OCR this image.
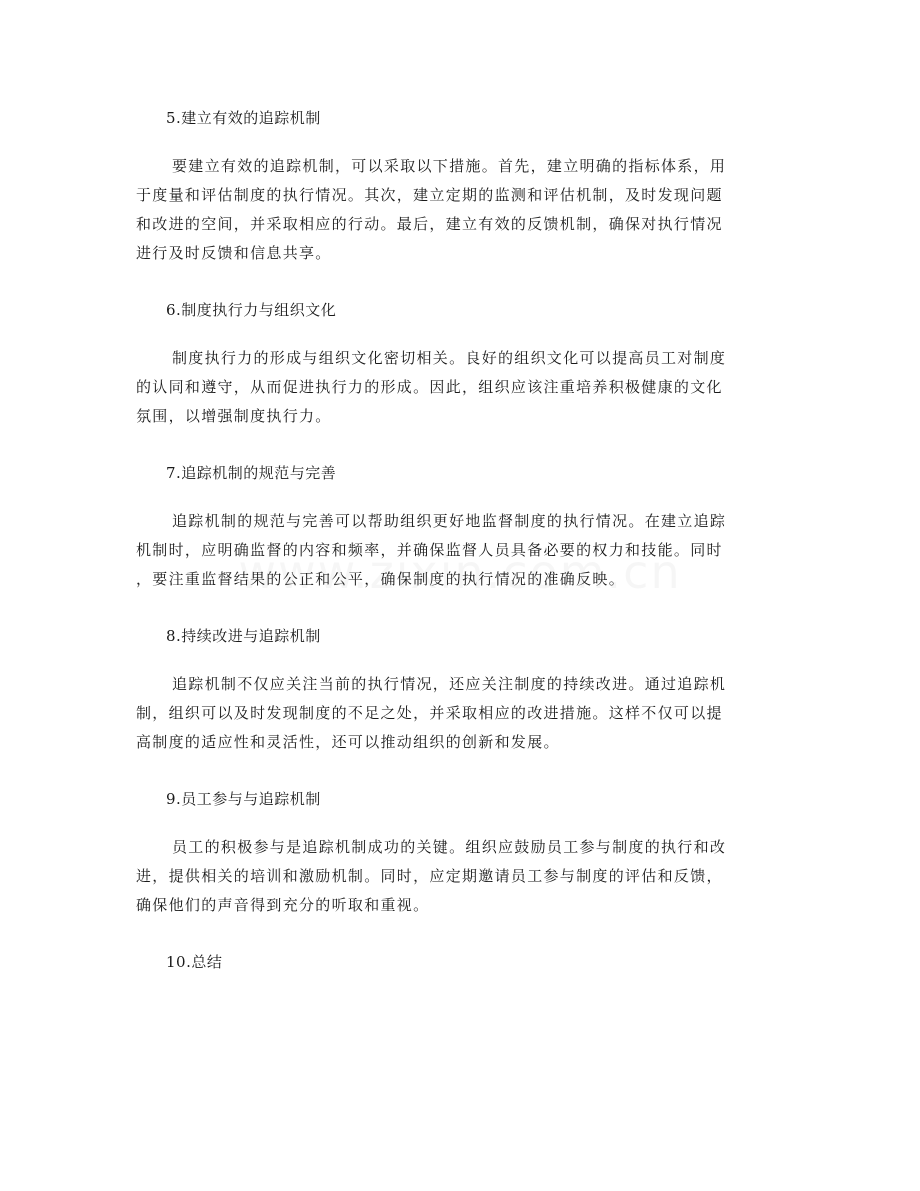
5.建立有效的追踪机制
要建立有效的追踪机制，可以采取以下措施。首先，建立明确的指标体系，用
于度量和评估制度的执行情况。其次，建立定期的监测和评估机制，及时发现问题
和改进的空间，并采取相应的行动。最后，建立有效的反馈机制，确保对执行情况
进行及时反馈和信息共享。
6.制度执行力与组织文化
制度执行力的形成与组织文化密切相关。良好的组织文化可以提高员工对制度
的认同和遵守，从而促进执行力的形成。因此，组织应该注重培养积极健康的文化
氛围，以增强制度执行力。
7.追踪机制的规范与完善
追踪机制的规范与完善可以帮助组织更好地监督制度的执行情况。在建立追踪
机制时，应明确监督的内容和频率，并确保监督人员具备必要的权力和技能。同时
，要注重监督结果的公正和公平，确保制度的执行情况的准确反映。
8.持续改进与追踪机制
追踪机制不仅应关注当前的执行情况，还应关注制度的持续改进。通过追踪机
制，组织可以及时发现制度的不足之处，并采取相应的改进措施。这样不仅可以提
高制度的适应性和灵活性，还可以推动组织的创新和发展。
9.员工参与与追踪机制
员工的积极参与是追踪机制成功的关键。组织应鼓励员工参与制度的执行和改
进，提供相关的培训和激励机制。同时，应定期邀请员工参与制度的评估和反馈，
确保他们的声音得到充分的听取和重视。
10.总结
